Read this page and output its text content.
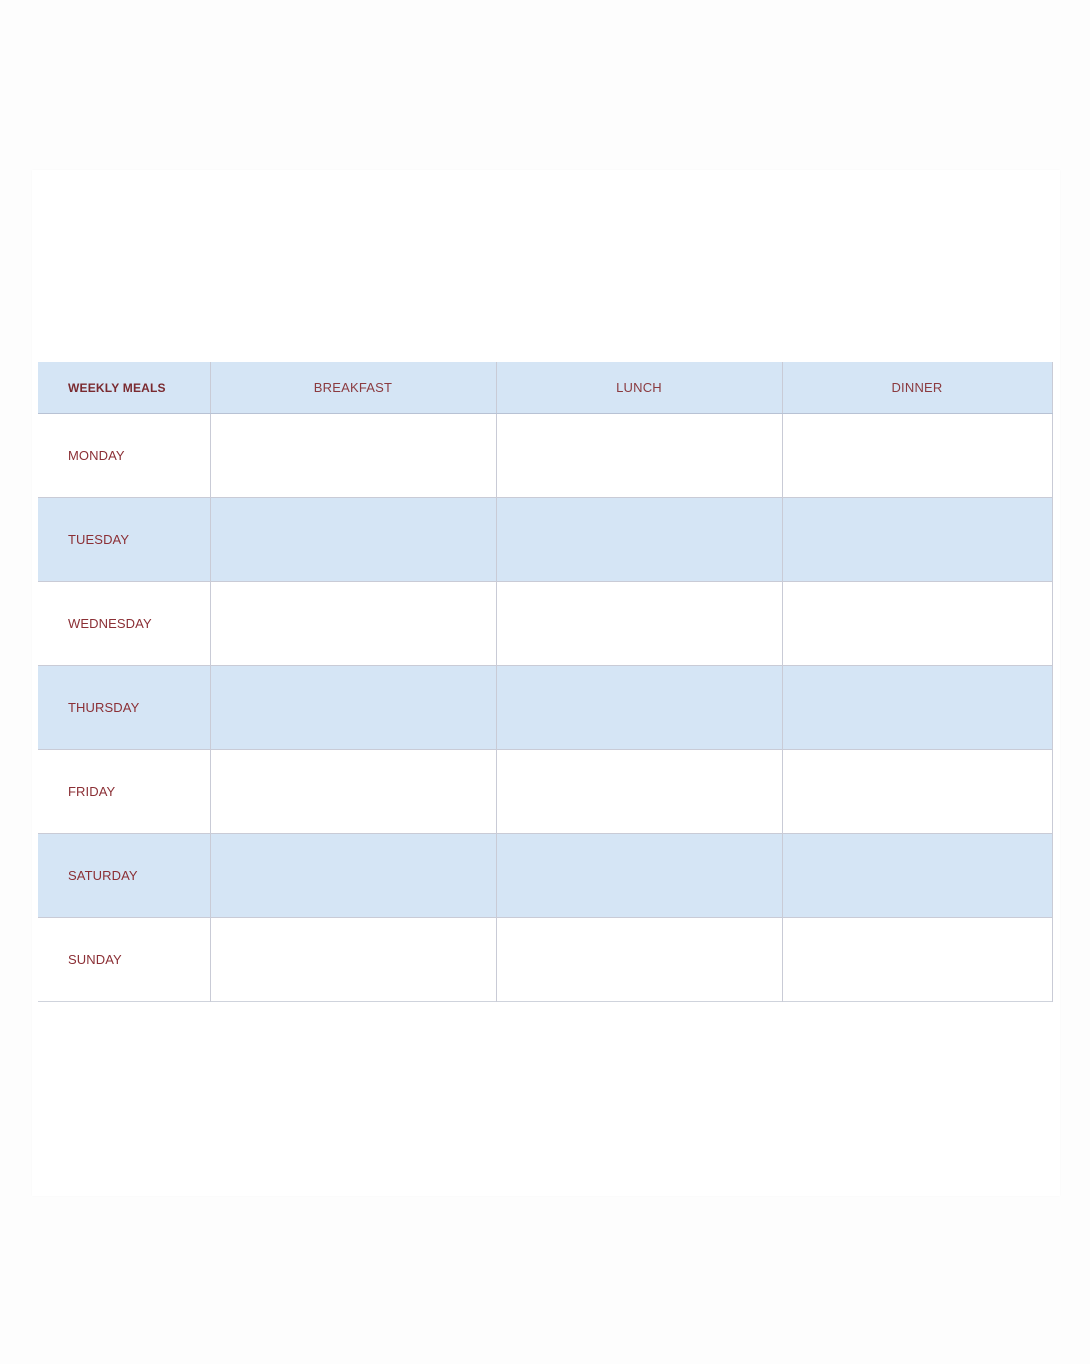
WEEKLY MEALS	BREAKFAST	LUNCH	DINNER
MONDAY			
TUESDAY			
WEDNESDAY			
THURSDAY			
FRIDAY			
SATURDAY			
SUNDAY			
